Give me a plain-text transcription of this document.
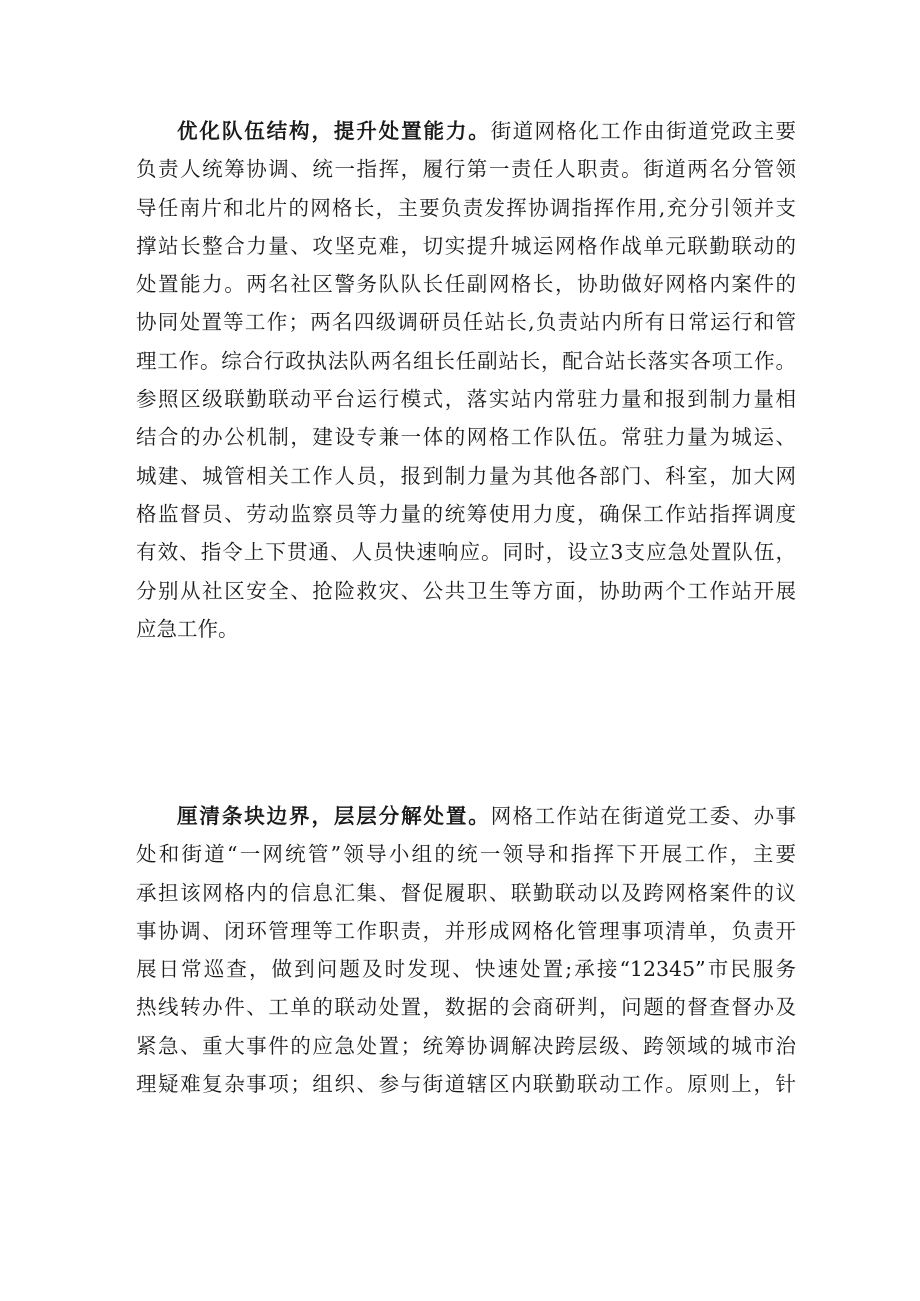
优化队伍结构，提升处置能力。街道网格化工作由街道党政主要
负责人统筹协调、统一指挥，履行第一责任人职责。街道两名分管领
导任南片和北片的网格长，主要负责发挥协调指挥作用,充分引领并支
撑站长整合力量、攻坚克难，切实提升城运网格作战单元联勤联动的
处置能力。两名社区警务队队长任副网格长，协助做好网格内案件的
协同处置等工作；两名四级调研员任站长,负责站内所有日常运行和管
理工作。综合行政执法队两名组长任副站长，配合站长落实各项工作。
参照区级联勤联动平台运行模式，落实站内常驻力量和报到制力量相
结合的办公机制，建设专兼一体的网格工作队伍。常驻力量为城运、
城建、城管相关工作人员，报到制力量为其他各部门、科室，加大网
格监督员、劳动监察员等力量的统筹使用力度，确保工作站指挥调度
有效、指令上下贯通、人员快速响应。同时，设立3支应急处置队伍，
分别从社区安全、抢险救灾、公共卫生等方面，协助两个工作站开展
应急工作。
厘清条块边界，层层分解处置。网格工作站在街道党工委、办事
处和街道“一网统管”领导小组的统一领导和指挥下开展工作，主要
承担该网格内的信息汇集、督促履职、联勤联动以及跨网格案件的议
事协调、闭环管理等工作职责，并形成网格化管理事项清单，负责开
展日常巡查，做到问题及时发现、快速处置;承接“12345”市民服务
热线转办件、工单的联动处置，数据的会商研判，问题的督查督办及
紧急、重大事件的应急处置；统筹协调解决跨层级、跨领域的城市治
理疑难复杂事项；组织、参与街道辖区内联勤联动工作。原则上，针
